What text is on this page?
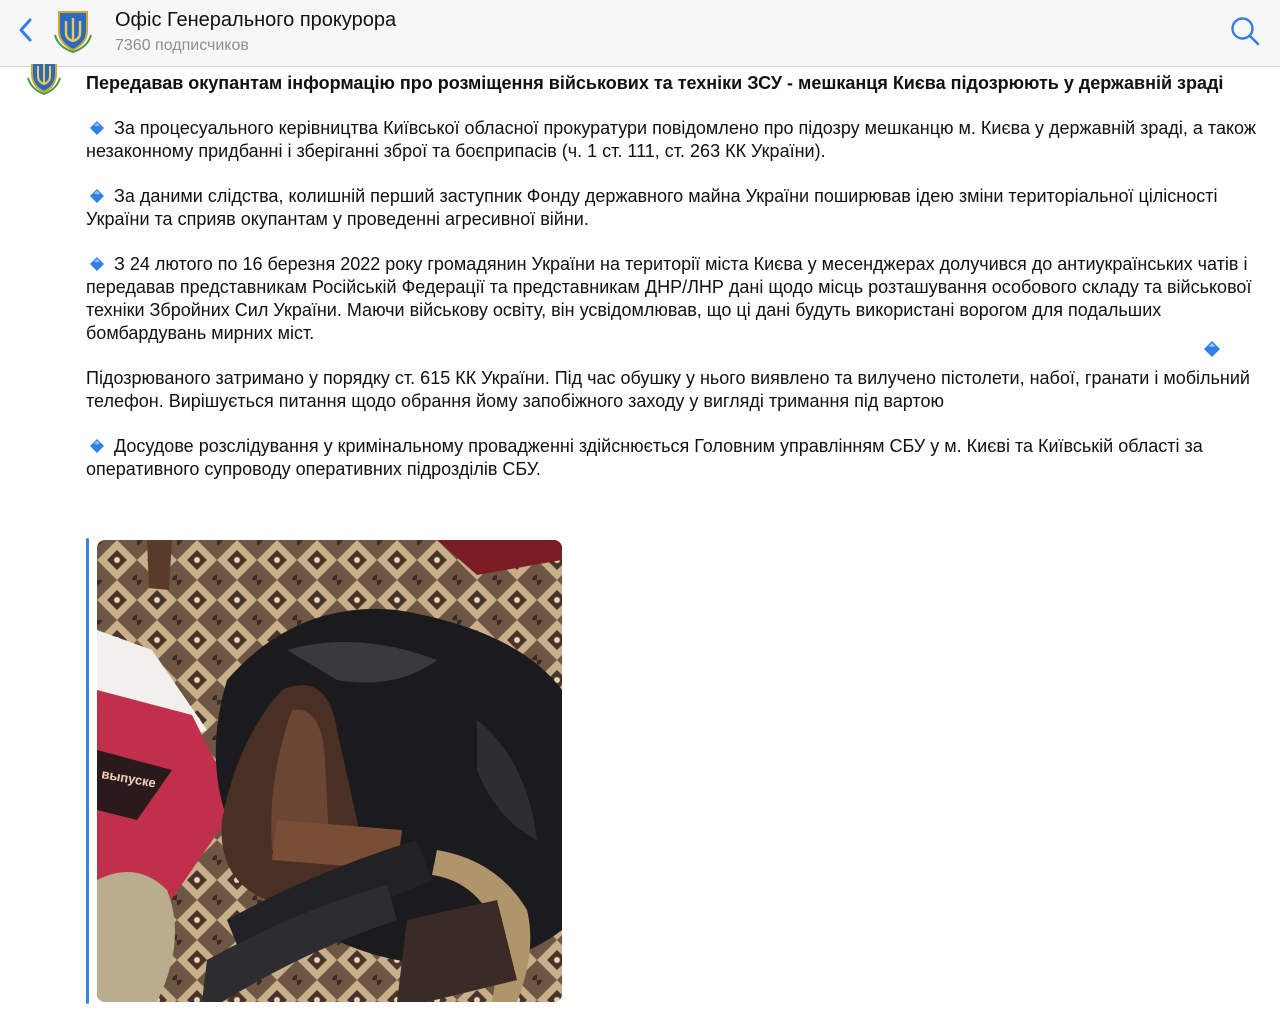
Офіс Генерального прокурора
7360 подписчиков
Передавав окупантам інформацію про розміщення військових та техніки ЗСУ - мешканця Києва підозрюють у державній зраді
За процесуального керівництва Київської обласної прокуратури повідомлено про підозру мешканцю м. Києва у державній зраді, а також незаконному придбанні і зберіганні зброї та боєприпасів (ч. 1 ст. 111, ст. 263 КК України).
За даними слідства, колишній перший заступник Фонду державного майна України поширював ідею зміни територіальної цілісності України та сприяв окупантам у проведенні агресивної війни.
З 24 лютого по 16 березня 2022 року громадянин України на території міста Києва у месенджерах долучився до антиукраїнських чатів і передавав представникам Російській Федерації та представникам ДНР/ЛНР дані щодо місць розташування особового складу та військової техніки Збройних Сил України. Маючи військову освіту, він усвідомлював, що ці дані будуть використані ворогом для подальших бомбардувань мирних міст.
Підозрюваного затримано у порядку ст. 615 КК України. Під час обушку у нього виявлено та вилучено пістолети, набої, гранати і мобільний телефон. Вирішується питання щодо обрання йому запобіжного заходу у вигляді тримання під вартою
Досудове розслідування у кримінальному провадженні здійснюється Головним управлінням СБУ у м. Києві та Київській області за оперативного супроводу оперативних підрозділів СБУ.
выпуске
